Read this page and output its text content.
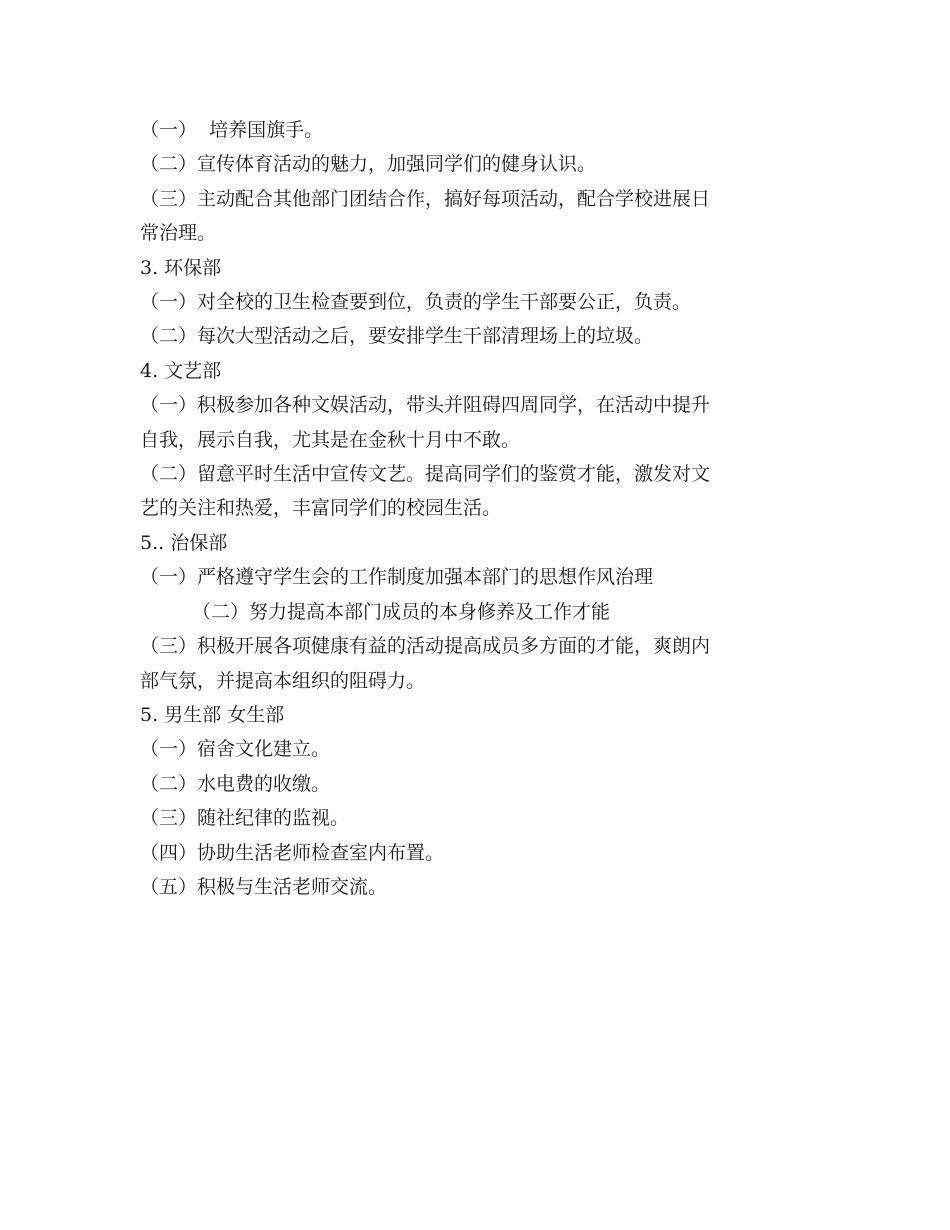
（一）  培养国旗手。

（二）宣传体育活动的魅力，加强同学们的健身认识。

（三）主动配合其他部门团结合作，搞好每项活动，配合学校进展日

常治理。

3. 环保部

（一）对全校的卫生检查要到位，负责的学生干部要公正，负责。

（二）每次大型活动之后，要安排学生干部清理场上的垃圾。

4. 文艺部

（一）积极参加各种文娱活动，带头并阻碍四周同学，在活动中提升

自我，展示自我，尤其是在金秋十月中不敢。

（二）留意平时生活中宣传文艺。提高同学们的鉴赏才能，激发对文

艺的关注和热爱，丰富同学们的校园生活。

5.. 治保部

（一）严格遵守学生会的工作制度加强本部门的思想作风治理

（二）努力提高本部门成员的本身修养及工作才能

（三）积极开展各项健康有益的活动提高成员多方面的才能，爽朗内

部气氛，并提高本组织的阻碍力。

5. 男生部 女生部

（一）宿舍文化建立。

（二）水电费的收缴。

（三）随社纪律的监视。

（四）协助生活老师检查室内布置。

（五）积极与生活老师交流。
